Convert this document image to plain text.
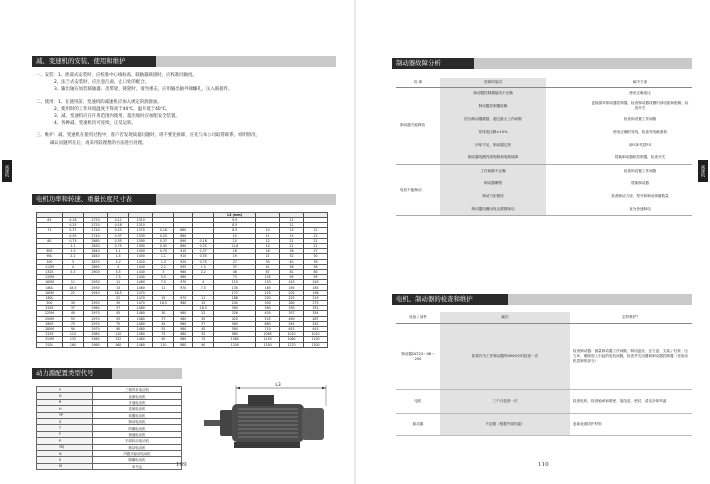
减速机
减、变速机的安装、使用和维护

一、安装：1、底部式安装时，应校准中心线标高、联轴器联接时，应校准同轴度。

2、法兰式安装时，应注意凸面、止口处的配合。

3、输出轴在加装联轴器、皮带轮、链轮时，请勿重击，应用输出轴外端螺孔，压入联接件。

二、使用：1、在使用前，变速机的减速机应加入规定的润滑油。

2、使用时的工作环境温度不得高于40℃，温升低于40℃。

3、减、变速机应在许用范围内使用，超出地时应加配安全装置。

4、各种减、变速机均可连续，正反运转。

三、维护：减、变速机在使用过程中，客户若发现质量问题时，请不要先拆卸，应先与本公司取得联系，说明情况，

确认问题所在后，再采用较理想的方法进行处理。

电机功率和转速、重量长度尺寸表
								L3 (mm)			
63	0.18	2720	0.12	1310				9.5		11	
	0.25	2720	0.18	1310				8.5		11	
71	0.37	2740	0.25	1370	0.18	860		8.5	10	13	12
	0.55	2740	0.37	1330	0.25	860		10	11	15	12
80	0.75	2860	0.55	1390	0.37	890	0.18	10	12	21	21
	1.1	2830	0.75	1390	0.55	890	0.25	11.8	14	21	21
90S	1.5	2840	1.1	1400	0.75	910	0.37	16	18	28	27
90L	2.2	2840	1.5	1400	1.1	910	0.55	19	21	32	30
100	3	2870	2.2	1420	1.5	920	0.75	27	30	40	39
112M	4	2890	4	1440	2.2	935	1.5	37	41	58	56
132S	5.5	2900	5.5	1440	3	960	2.2	46	67	81	80
132M			7.5	1440	5.5	960		73	105	95	95
160M	11	2930	11	1460	7.5	970	4	119	153	143	149
160L	18.5	2930	15	1460	11	970	7.5	135	165	195	185
180M	22	2940	18.5	1470				172	225	202	198
180L			22	1470	15	970	11	186	250	225	219
200	30	2950	30	1470	18.5	980	15	240	300	280	275
225S	37	2960	37	1480			18.5	300	360	330	331
225M	45	2970	45	1480	30	980	22	326	405	357	354
250M	55	2970	55	1480	37	980	30	420	525	490	487
280S	75	2970	75	1480	45	980	37	560	660	545	542
280M	90	2970	90	1480	55	980	45	580	710	615	615
315S	110	2980	110	1480	75	980	55	980	1065	1010	1010
315M	132	2980	132	1480	90	980	75	1080	1150	1060	1100
315L	160	2980	160	1480	110	980	90	1240	1350	1270	1300
动力源配置类型代号
Y	三相异步电动机
D	直流电动机
R	多速电动机
H	变频电动机
YP	伺服电动机
Z	制动电动机
T	防爆电动机
F	调速电动机
P	平面转动电动机
YEJ	制动电动机
N	内燃式驱动电动机
S	隔爆电动机
M	单马达
L3
109
减速机
制动器故障分析
故 障	故障的原因		解决方案
制动器不能释放	制动器控制器接线不正确		使用正确电压
	制动器控制器故障		更换损坏制动器控制器，检查制动器线圈内部电阻和绝缘、检查开关
	因为制动器磨损，超过最大工作间隙		检查和设置工作间隙
	导线电压降>10%		使用正确的导线，检查导线截面积
	冷却不足，制动器过热		用FGE代替FG
	制动器线圈内部短路和电路故障		替换制动器和控制器，检查开关
电机不能制动	工作间隙不正确		检查和设置工作间隙
	制动器摩擦		替换制动器
	制动力矩错误		检查制动力矩、型号和制动弹簧数量
	制动器线圈闭电压增强制动		直为快速制动
电机、制动器的检查和维护
设备 / 部件	频次	怎样维护？
制动器DLT23～08～200	如果作为工作制动器每0000小时检查一次	检查制动器：测量制动器工作间隙，制动盘室、压力盘、支架 / 衬套、压力环、刷除进入引起的电机间隙，检查并关闭器和制动器控制器（见电动机控制的部分）
电机	三个月检查一次	检查电机，检查轴承和滑密、接线盒、密封、清洁冷却风道
驱动器	不定期（根据外部因素）	更新表面防护材料
110
